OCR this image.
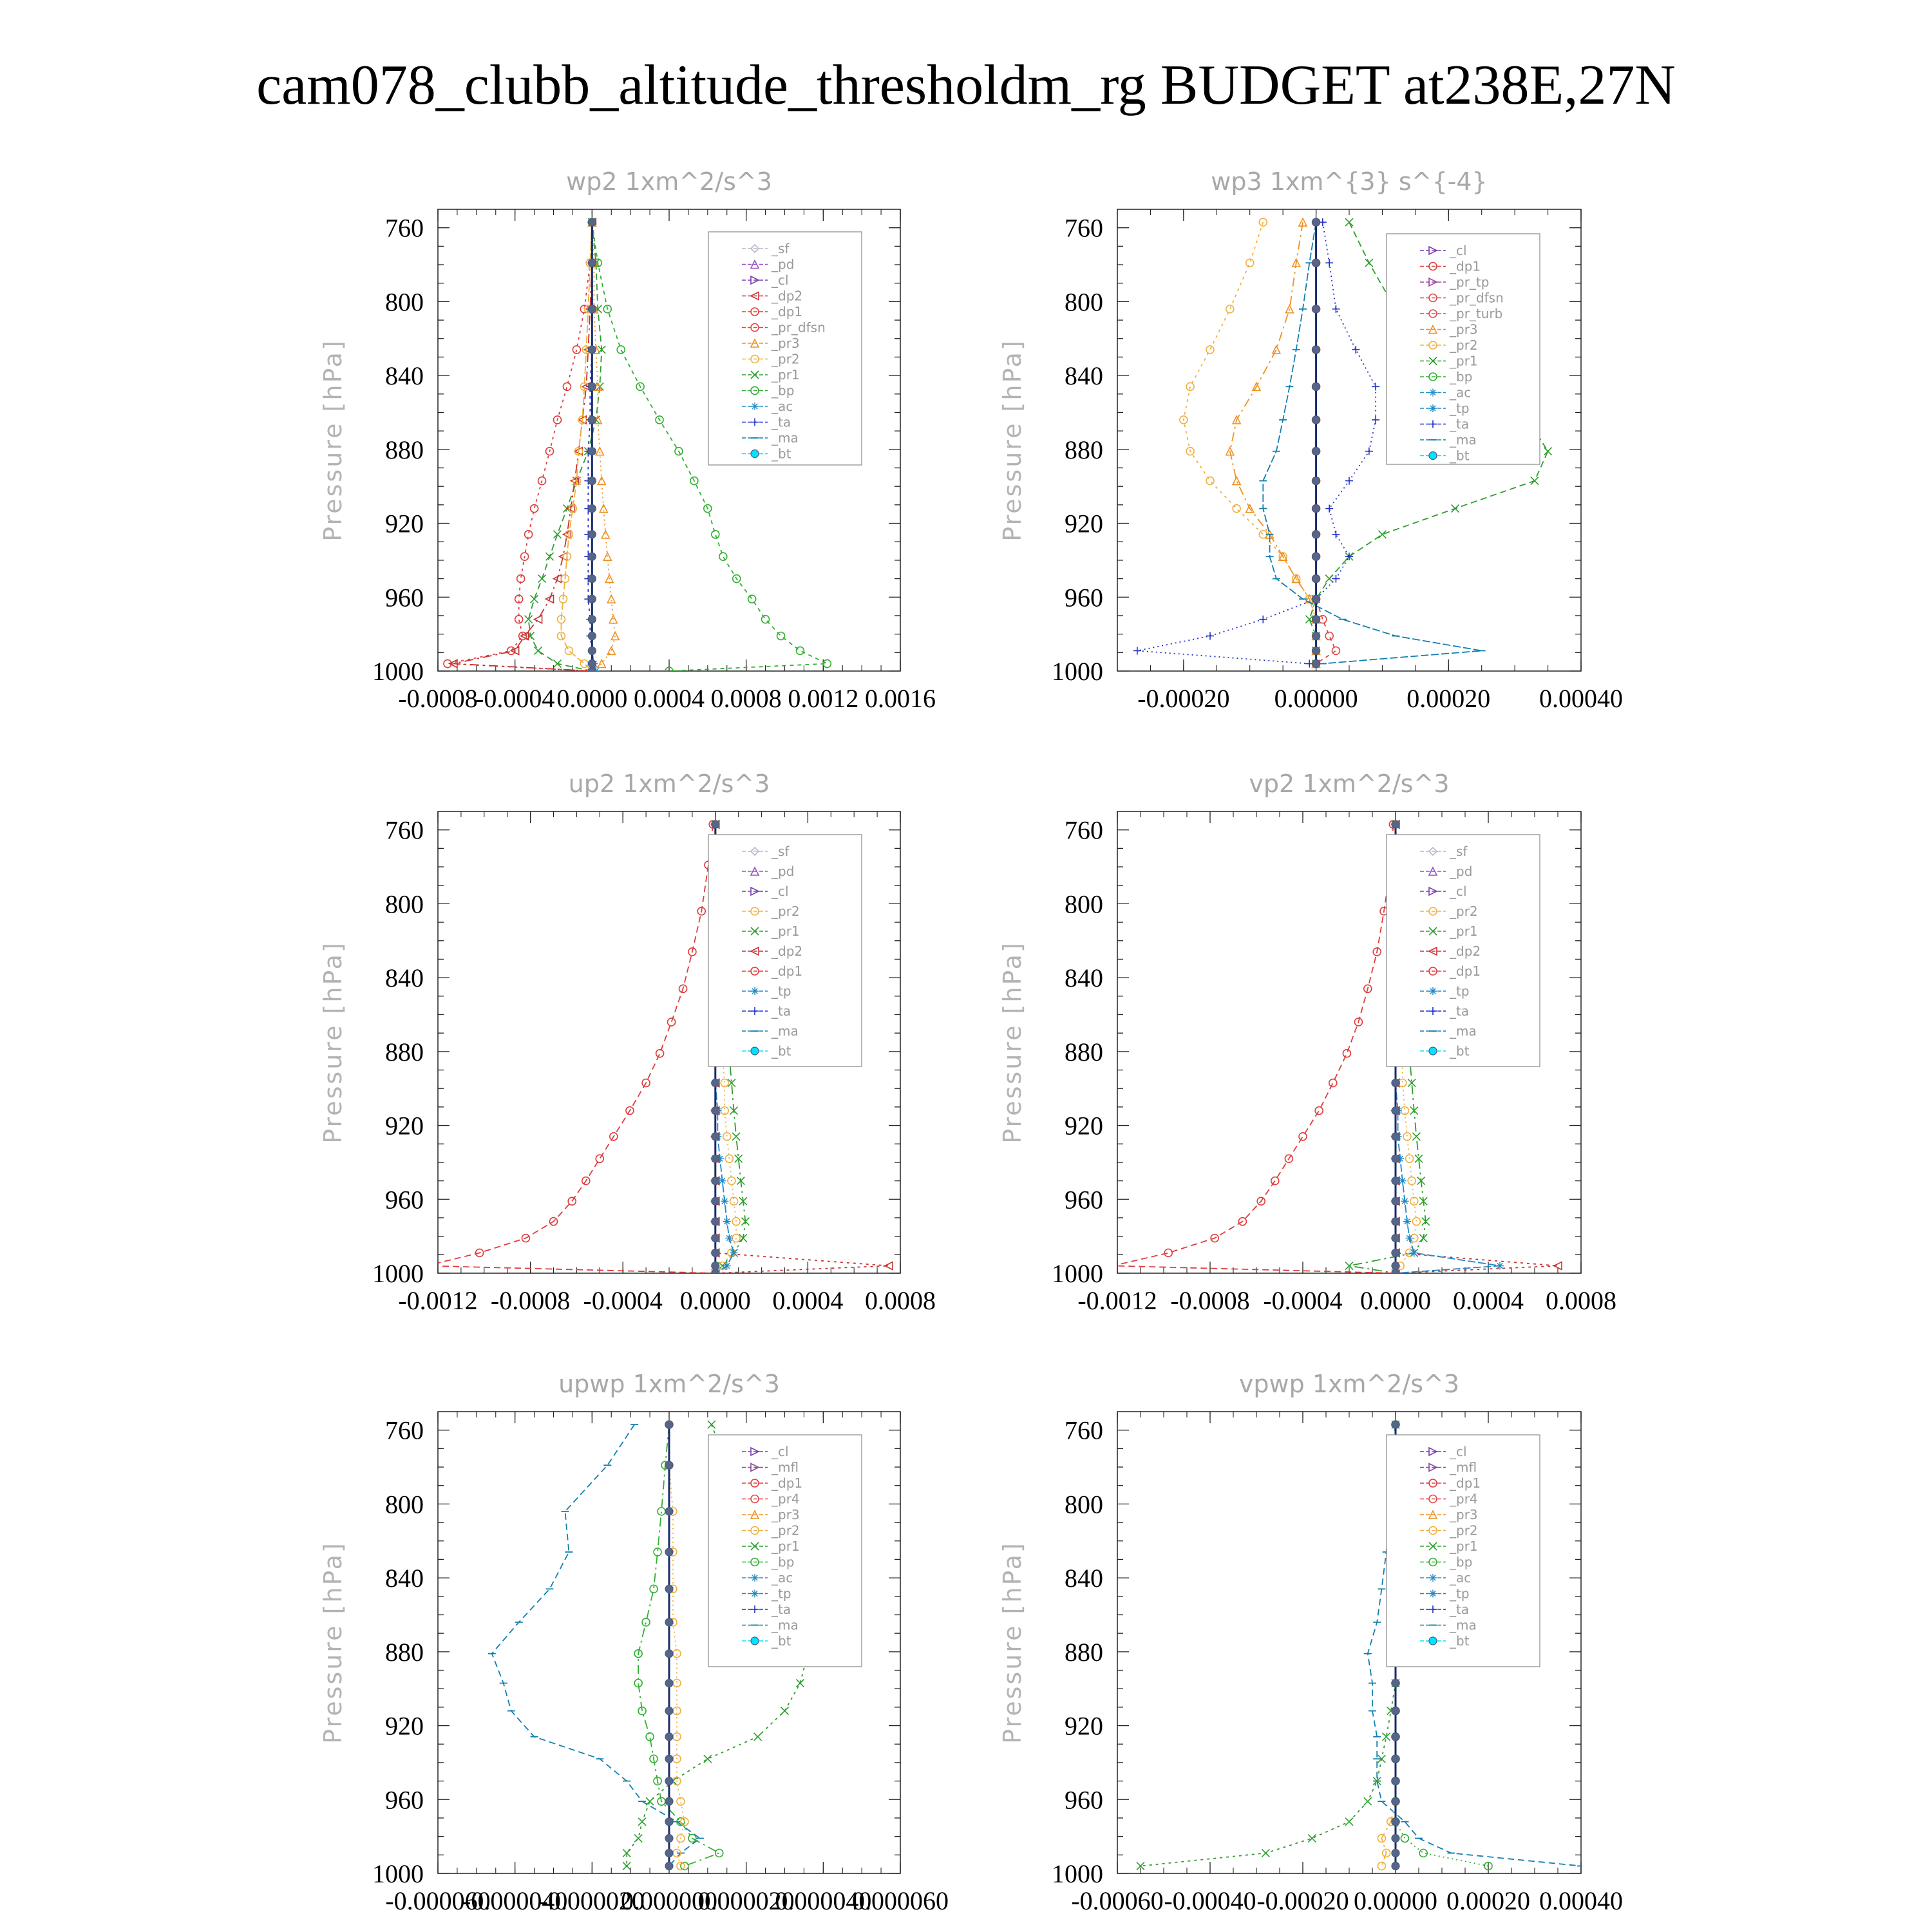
cam078_clubb_altitude_thresholdm_rg BUDGET at238E,27N
760
800
840
880
920
960
1000
-0.0008
-0.0004 0.0000 0.0004 0.0008 0.0012 0.0016
wp2 1xm^2/s^3
Pressure [hPa]
_sf
_pd
_cl
_dp2
_dp1
_pr_dfsn
_pr3
_pr2
_pr1
_bp
_ac
_ta
_ma
_bt
760
800
840
880
920
960
1000
-0.00020 0.00000 0.00020 0.00040
wp3 1xm^{3} s^{-4}
Pressure [hPa]
_cl
_dp1
_pr_tp
_pr_dfsn
_pr_turb
_pr3
_pr2
_pr1
_bp
_ac
_tp
_ta
_ma
_bt
760
800
840
880
920
960
1000
-0.0012 -0.0008 -0.0004 0.0000 0.0004 0.0008
up2 1xm^2/s^3
Pressure [hPa]
_sf
_pd
_cl
_pr2
_pr1
_dp2
_dp1
_tp
_ta
_ma
_bt
760
800
840
880
920
960
1000
-0.0012 -0.0008 -0.0004 0.0000 0.0004 0.0008
vp2 1xm^2/s^3
Pressure [hPa]
_sf
_pd
_cl
_pr2
_pr1
_dp2
_dp1
_tp
_ta
_ma
_bt
760
800
840
880
920
960
1000
-0.000060
-0.000040
-0.000020
0.000000
0.000020
0.000040
0.000060
upwp 1xm^2/s^3
Pressure [hPa]
_cl
_mfl
_dp1
_pr4
_pr3
_pr2
_pr1
_bp
_ac
_tp
_ta
_ma
_bt
760
800
840
880
920
960
1000
-0.00060 -0.00040 -0.00020 0.00000 0.00020 0.00040
vpwp 1xm^2/s^3
Pressure [hPa]
_cl
_mfl
_dp1
_pr4
_pr3
_pr2
_pr1
_bp
_ac
_tp
_ta
_ma
_bt
